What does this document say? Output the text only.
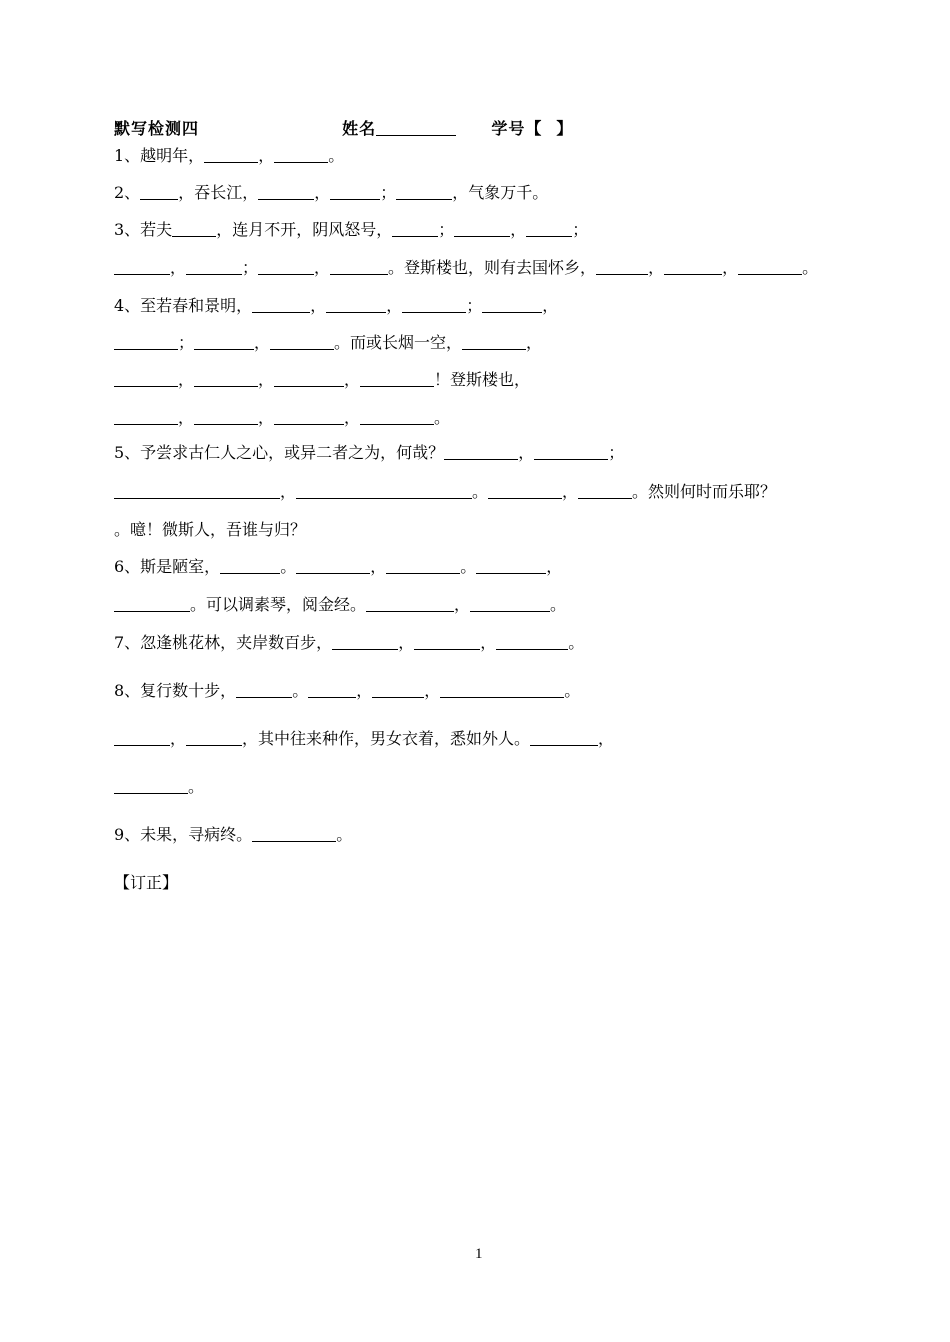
默写检测四	姓名	学号【 】
1、越明年，	，	。
2、 ，吞长江，	，	；	，气象万千。
3、若夫	，连月不开，阴风怒号，	；	，	；
，	；	，	。登斯楼也，则有去国怀乡，	，	，	。
4、至若春和景明，	，	，	；	，
；	，	。而或长烟一空，	，
，	，	，	！登斯楼也，
，	，	，	。
5、予尝求古仁人之心，或异二者之为，何哉？	，	；
，	。	，	。然则何时而乐耶？
。噫！微斯人，吾谁与归？
6、斯是陋室，	。	，	。	，
。可以调素琴，阅金经。	，	。
7、忽逢桃花林，夹岸数百步，	，	，	。
8、复行数十步，	。	，	，	。
，	，其中往来种作，男女衣着，悉如外人。	，
。
9、未果，寻病终。	。
【订正】
1
